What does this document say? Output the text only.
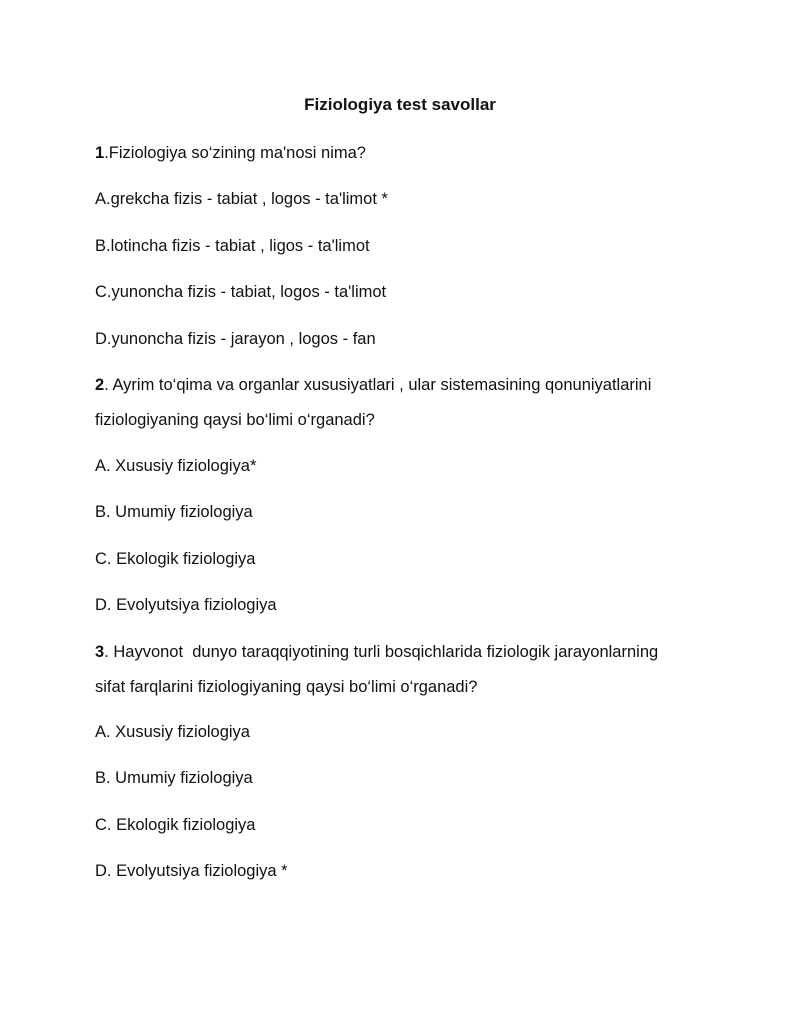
Fiziologiya test savollar
1.Fiziologiya so‘zining ma'nosi nima?
A.grekcha fizis - tabiat , logos - ta'limot *
B.lotincha fizis - tabiat , ligos - ta'limot
C.yunoncha fizis - tabiat, logos - ta'limot
D.yunoncha fizis - jarayon , logos - fan
2. Ayrim to‘qima va organlar xususiyatlari , ular sistemasining qonuniyatlarini
fiziologiyaning qaysi bo‘limi o‘rganadi?
A. Xususiy fiziologiya*
B. Umumiy fiziologiya
C. Ekologik fiziologiya
D. Evolyutsiya fiziologiya
3. Hayvonot  dunyo taraqqiyotining turli bosqichlarida fiziologik jarayonlarning
sifat farqlarini fiziologiyaning qaysi bo‘limi o‘rganadi?
A. Xususiy fiziologiya
B. Umumiy fiziologiya
C. Ekologik fiziologiya
D. Evolyutsiya fiziologiya *
